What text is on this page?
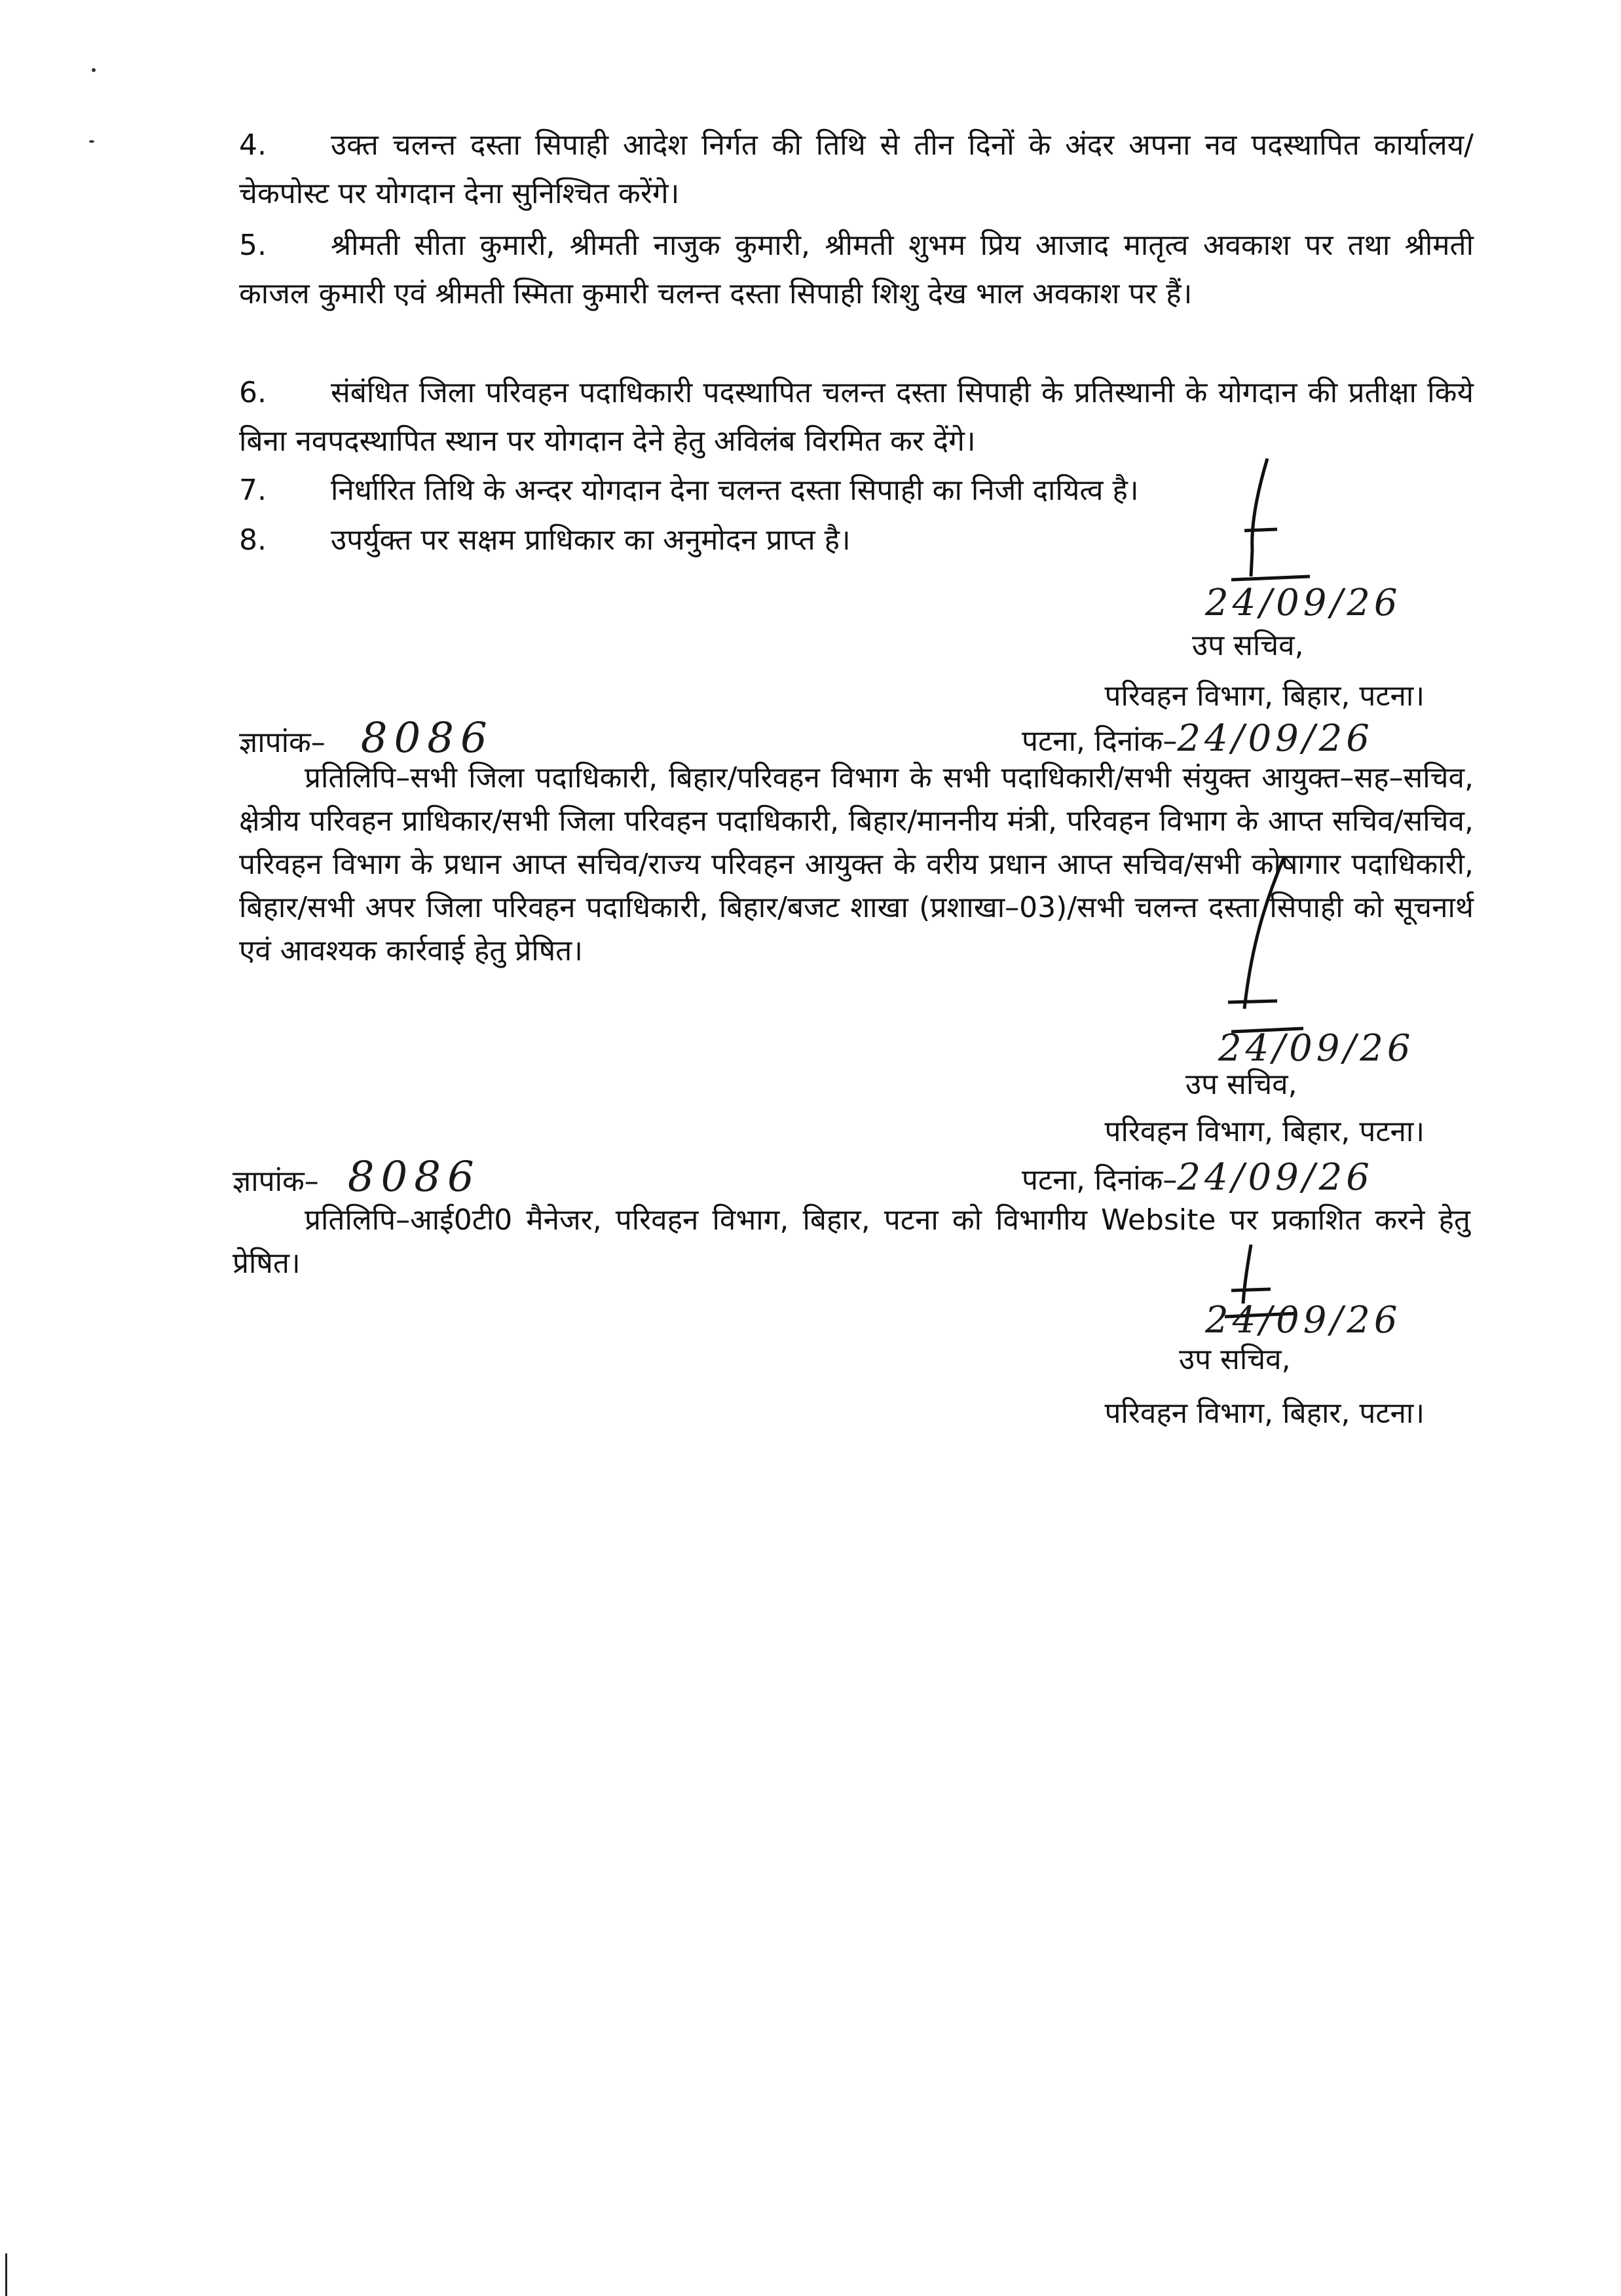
4. उक्त चलन्त दस्ता सिपाही आदेश निर्गत की तिथि से तीन दिनों के अंदर अपना नव पदस्थापित कार्यालय/चेकपोस्ट पर योगदान देना सुनिश्चित करेंगे।

5. श्रीमती सीता कुमारी, श्रीमती नाजुक कुमारी, श्रीमती शुभम प्रिय आजाद मातृत्व अवकाश पर तथा श्रीमती काजल कुमारी एवं श्रीमती स्मिता कुमारी चलन्त दस्ता सिपाही शिशु देख भाल अवकाश पर हैं।

6. संबंधित जिला परिवहन पदाधिकारी पदस्थापित चलन्त दस्ता सिपाही के प्रतिस्थानी के योगदान की प्रतीक्षा किये बिना नवपदस्थापित स्थान पर योगदान देने हेतु अविलंब विरमित कर देंगे।

7. निर्धारित तिथि के अन्दर योगदान देना चलन्त दस्ता सिपाही का निजी दायित्व है।

8. उपर्युक्त पर सक्षम प्राधिकार का अनुमोदन प्राप्त है।

24/09/26
उप सचिव,
परिवहन विभाग, बिहार, पटना।
ज्ञापांक– 8086	पटना, दिनांक–24/09/26

प्रतिलिपि–सभी जिला पदाधिकारी, बिहार/परिवहन विभाग के सभी पदाधिकारी/सभी संयुक्त आयुक्त–सह–सचिव, क्षेत्रीय परिवहन प्राधिकार/सभी जिला परिवहन पदाधिकारी, बिहार/माननीय मंत्री, परिवहन विभाग के आप्त सचिव/सचिव, परिवहन विभाग के प्रधान आप्त सचिव/राज्य परिवहन आयुक्त के वरीय प्रधान आप्त सचिव/सभी कोषागार पदाधिकारी, बिहार/सभी अपर जिला परिवहन पदाधिकारी, बिहार/बजट शाखा (प्रशाखा–03)/सभी चलन्त दस्ता सिपाही को सूचनार्थ एवं आवश्यक कार्रवाई हेतु प्रेषित।

24/09/26
उप सचिव,
परिवहन विभाग, बिहार, पटना।
ज्ञापांक– 8086	पटना, दिनांक–24/09/26

प्रतिलिपि–आई0टी0 मैनेजर, परिवहन विभाग, बिहार, पटना को विभागीय Website पर प्रकाशित करने हेतु प्रेषित।

24/09/26
उप सचिव,
परिवहन विभाग, बिहार, पटना।
